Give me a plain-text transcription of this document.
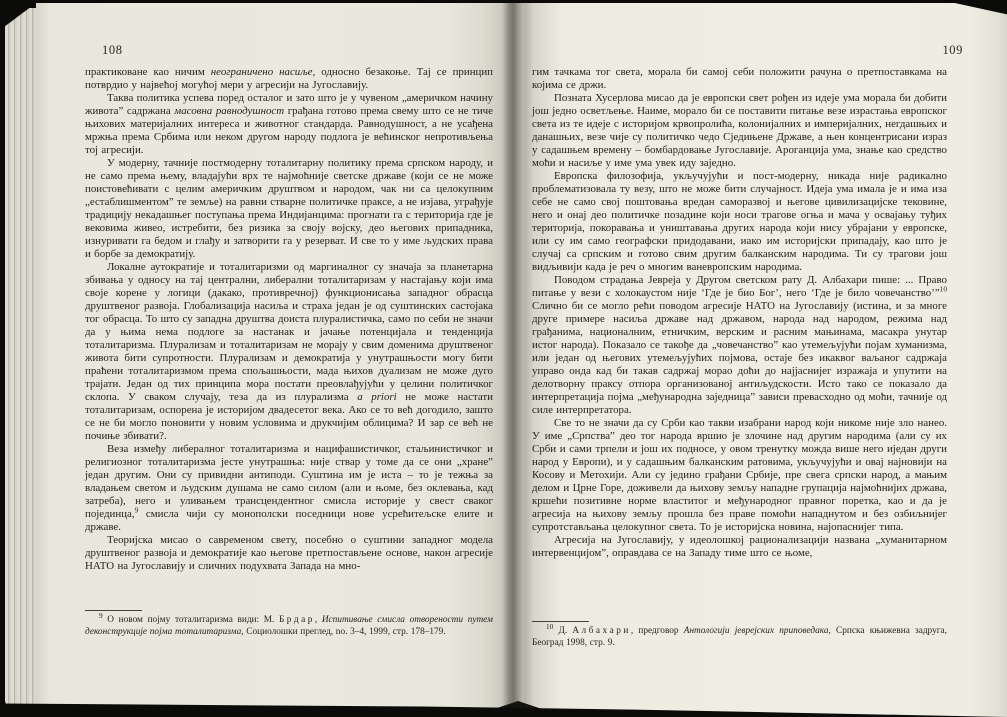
108

практиковане као ничим неограничено насиље, односно безакоње. Тај се принцип потврдио у највећој могућој мери у агресији на Југославију.

Таква политика успева поред осталог и зато што је у чувеном „америчком начину живота” садржана масовна равнодушност грађана готово према свему што се не тиче њихових материјалних интереса и животног стандарда. Равнодушност, а не усађена мржња према Србима или неком другом народу подлога је већинског непротивљења тој агресији.

У модерну, тачније постмодерну тоталитарну политику према српском народу, и не само према њему, владајући врх те најмоћније светске државе (који се не може поистовећивати с целим америчким друштвом и народом, чак ни са целокупним „естаблишментом” те земље) на равни стварне политичке праксе, а не изјава, уграђује традицију некадашњег поступања према Индијанцима: прогнати га с територија где је вековима живео, истребити, без ризика за своју војску, део његових припадника, изнуривати га бедом и глађу и затворити га у резерват. И све то у име људских права и борбе за демократију.

Локалне аутократије и тоталитаризми од маргиналног су значаја за планетарна збивања у односу на тај централни, либерални тоталитаризам у настајању који има своје корене у логици (дакако, противречној) функционисања западног обрасца друштвеног развоја. Глобализација насиља и страха један је од суштинских састојака тог обрасца. То што су западна друштва доиста плуралистичка, само по себи не значи да у њима нема подлоге за настанак и јачање потенцијала и тенденција тоталитаризма. Плурализам и тоталитаризам не морају у свим доменима друштвеног живота бити супротности. Плурализам и демократија у унутрашњости могу бити праћени тоталитаризмом према спољашњости, мада њихов дуализам не може дуго трајати. Један од тих принципа мора постати преовлађујући у целини политичког склопа. У сваком случају, теза да из плурализма а priori не може настати тоталитаризам, оспорена је историјом двадесетог века. Ако се то већ догодило, зашто се не би могло поновити у новим условима и друкчијим облицима? И зар се већ не почиње збивати?.

Веза између либералног тоталитаризма и нацифашистичког, стаљинистичког и религиозног тоталитаризма јесте унутрашња: није ствар у томе да се они „хране” један другим. Они су привидни антиподи. Суштина им је иста – то је тежња за владањем светом и људским душама не само силом (али и њоме, без оклевања, кад затреба), него и уливањем трансцендентног смисла историје у свест сваког појединца,$^9$ смисла чији су монополски поседници нове усрећитељске елите и државе.

Теоријска мисао о савременом свету, посебно о суштини западног модела друштвеног развоја и демократије као његове претпостављене основе, након агресије НАТО на Југославију и сличних подухвата Запада на мно-

$^9$ О новом појму тоталитаризма види: М. Брдар, Испитивање смисла отворености путем деконструкције појма тоталитаризма, Социолошки преглед, no. 3–4, 1999, стр. 178–179.

109

гим тачкама тог света, морала би самој себи положити рачуна о претпоставкама на којима се држи.

Позната Хусерлова мисао да је европски свет рођен из идеје ума морала би добити још једно осветљење. Наиме, морало би се поставити питање везе израстања европског света из те идеје с историјом крвопролића, колонијалних и империјалних, негдашњих и данашњих, везе чије су политичко чедо Сједињене Државе, а њен концентрисани израз у садашњем времену – бомбардовање Југославије. Ароганција ума, знање као средство моћи и насиље у име ума увек иду заједно.

Европска филозофија, укључујући и пост-модерну, никада није радикално проблематизовала ту везу, што не може бити случајност. Идеја ума имала је и има иза себе не само свој поштовања вредан саморазвој и његове цивилизацијске тековине, него и онај део политичке позадине који носи трагове огња и мача у освајању туђих територија, покоравања и уништавања других народа који нису убрајани у европске, или су им само географски придодавани, иако им историјски припадају, као што је случај са српским и готово свим другим балканским народима. Ти су трагови још видљивији када је реч о многим ваневропским народима.

Поводом страдања Јевреја у Другом светском рату Д. Албахари пише: ... Право питање у вези с холокаустом није ‘Где је био Бог’, него ‘Где је било човечанство’”$^{10}$ Слично би се могло рећи поводом агресије НАТО на Југославију (истина, и за многе друге примере насиља државе над државом, народа над народом, режима над грађанима, националним, етничким, верским и расним мањинама, масакра унутар истог народа). Показало се такође да „човечанство” као утемељујући појам хуманизма, или један од његових утемељујућих појмова, остаје без икаквог ваљаног садржаја управо онда кад би такав садржај морао доћи до најјаснијег изражаја и упутити на делотворну праксу отпора организованој антиљудскости. Исто тако се показало да интерпретација појма „међународна заједница” зависи превасходно од моћи, тачније од силе интерпретатора.

Све то не значи да су Срби као такви изабрани народ који никоме није зло нанео. У име „Српства” део тог народа вршио је злочине над другим народима (али су их Срби и сами трпели и још их подносе, у овом тренутку можда више него иједан други народ у Европи), и у садашњим балканским ратовима, укључујући и овај најновији на Косову и Метохији. Али су једино грађани Србије, пре свега српски народ, а мањим делом и Црне Горе, доживели да њихову земљу нападне групација најмоћнијих држава, кршећи позитивне норме властитог и међународног правног поретка, као и да је агресија на њихову земљу прошла без праве помоћи нападнутом и без озбиљнијег супротстављања целокупног света. То је историјска новина, најопаснијег типа.

Агресија на Југославију, у идеолошкој рационализацији названа „хуманитарном интервенцијом”, оправдава се на Западу тиме што се њоме,

$^{10}$ Д. Албахари, предговор Антологији јеврејских приповедака, Српска књижевна задруга, Београд 1998, стр. 9.
